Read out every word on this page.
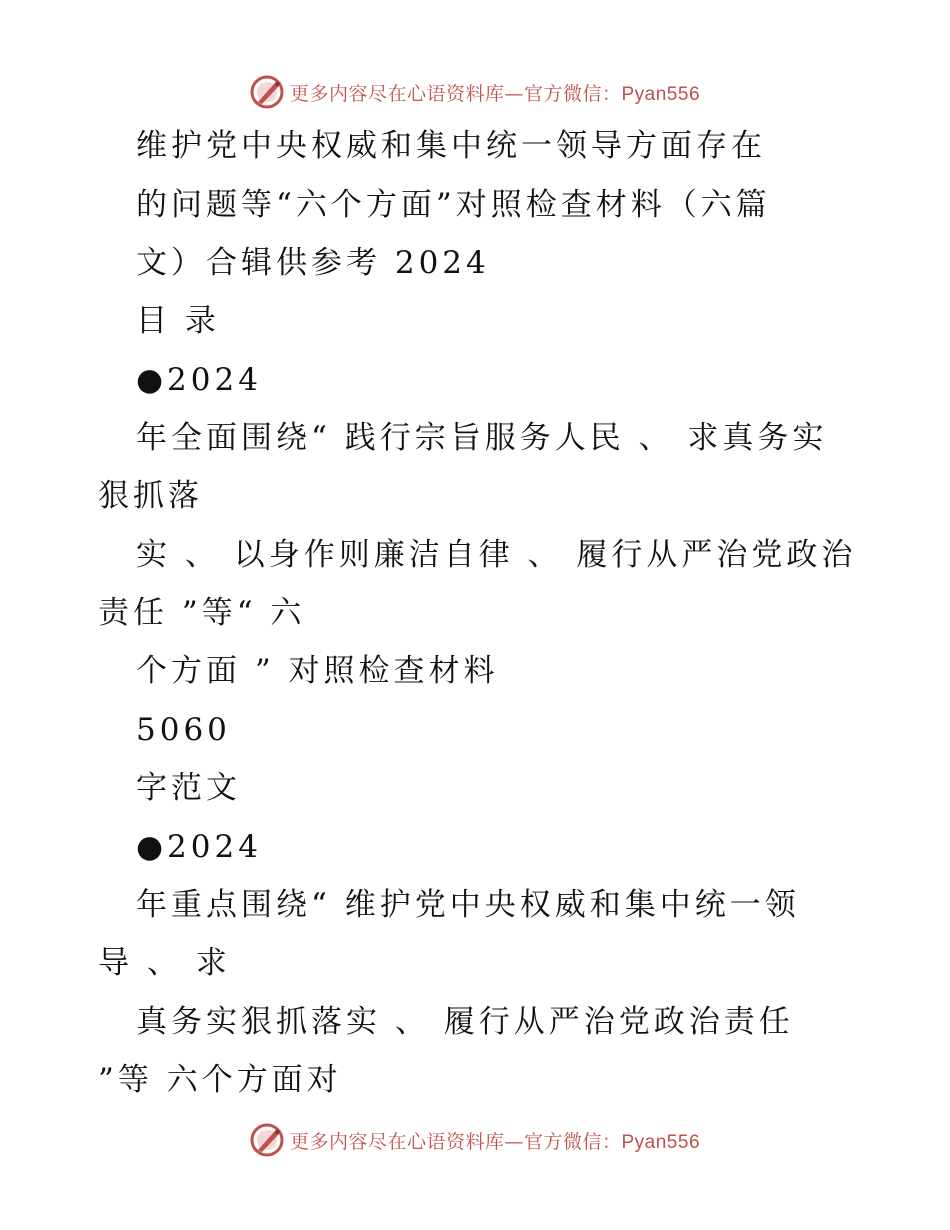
更多内容尽在心语资料库—官方微信：Pyan556
维护党中央权威和集中统一领导方面存在
的问题等“六个方面”对照检查材料（六篇
文）合辑供参考 2024
目 录
●2024
年全面围绕“ 践行宗旨服务人民 、 求真务实
狠抓落
实 、 以身作则廉洁自律 、 履行从严治党政治
责任 ”等“ 六
个方面 ” 对照检查材料
5060
字范文
●2024
年重点围绕“ 维护党中央权威和集中统一领
导 、 求
真务实狠抓落实 、 履行从严治党政治责任
”等 六个方面对
更多内容尽在心语资料库—官方微信：Pyan556
